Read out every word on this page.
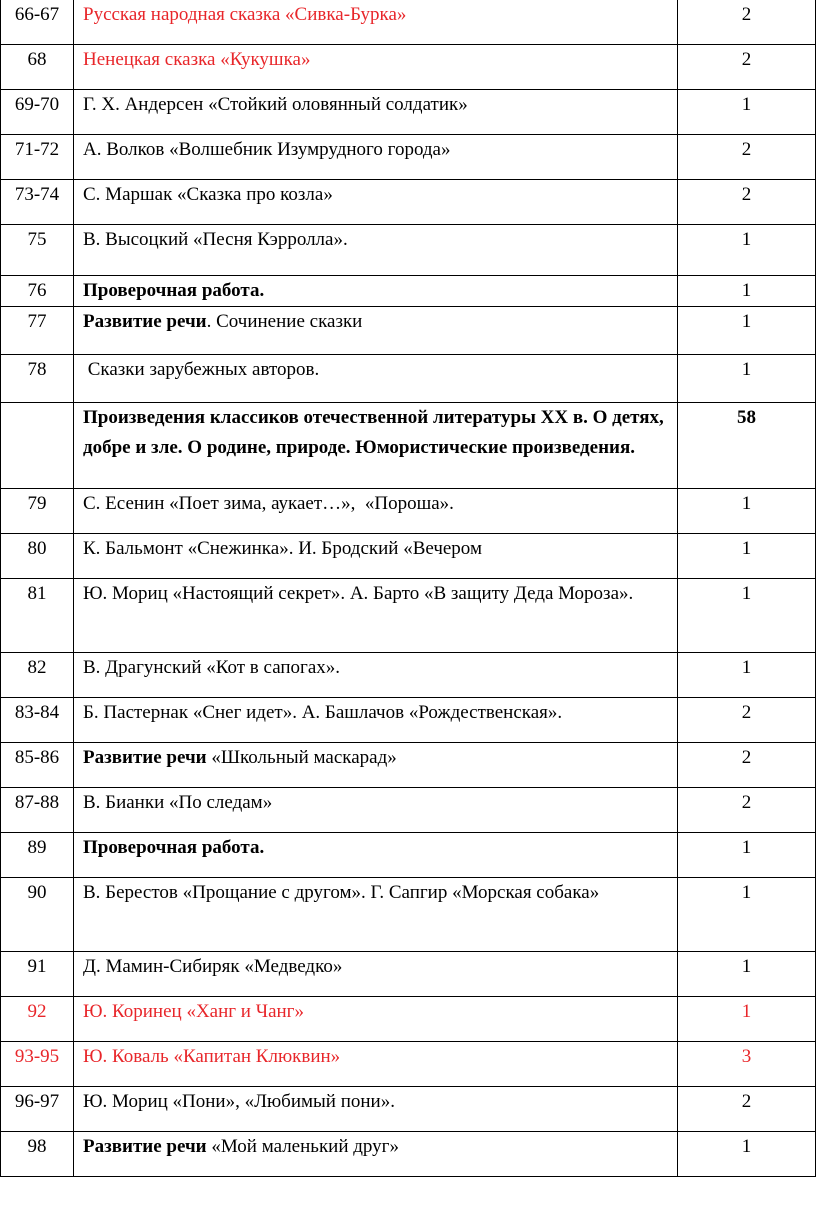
66-67	Русская народная сказка «Сивка-Бурка»	2
68	Ненецкая сказка «Кукушка»	2
69-70	Г. Х. Андерсен «Стойкий оловянный солдатик»	1
71-72	А. Волков «Волшебник Изумрудного города»	2
73-74	С. Маршак «Сказка про козла»	2
75	В. Высоцкий «Песня Кэрролла».	1
76	Проверочная работа.	1
77	Развитие речи. Сочинение сказки	1
78	Сказки зарубежных авторов.	1
	Произведения классиков отечественной литературы XX в. О детях, добре и зле. О родине, природе. Юмористические произведения.	58
79	С. Есенин «Поет зима, аукает…»,  «Пороша».	1
80	К. Бальмонт «Снежинка». И. Бродский «Вечером	1
81	Ю. Мориц «Настоящий секрет». А. Барто «В защиту Деда Мороза».	1
82	В. Драгунский «Кот в сапогах».	1
83-84	Б. Пастернак «Снег идет». А. Башлачов «Рождественская».	2
85-86	Развитие речи «Школьный маскарад»	2
87-88	В. Бианки «По следам»	2
89	Проверочная работа.	1
90	В. Берестов «Прощание с другом». Г. Сапгир «Морская собака»	1
91	Д. Мамин-Сибиряк «Медведко»	1
92	Ю. Коринец «Ханг и Чанг»	1
93-95	Ю. Коваль «Капитан Клюквин»	3
96-97	Ю. Мориц «Пони», «Любимый пони».	2
98	Развитие речи «Мой маленький друг»	1
